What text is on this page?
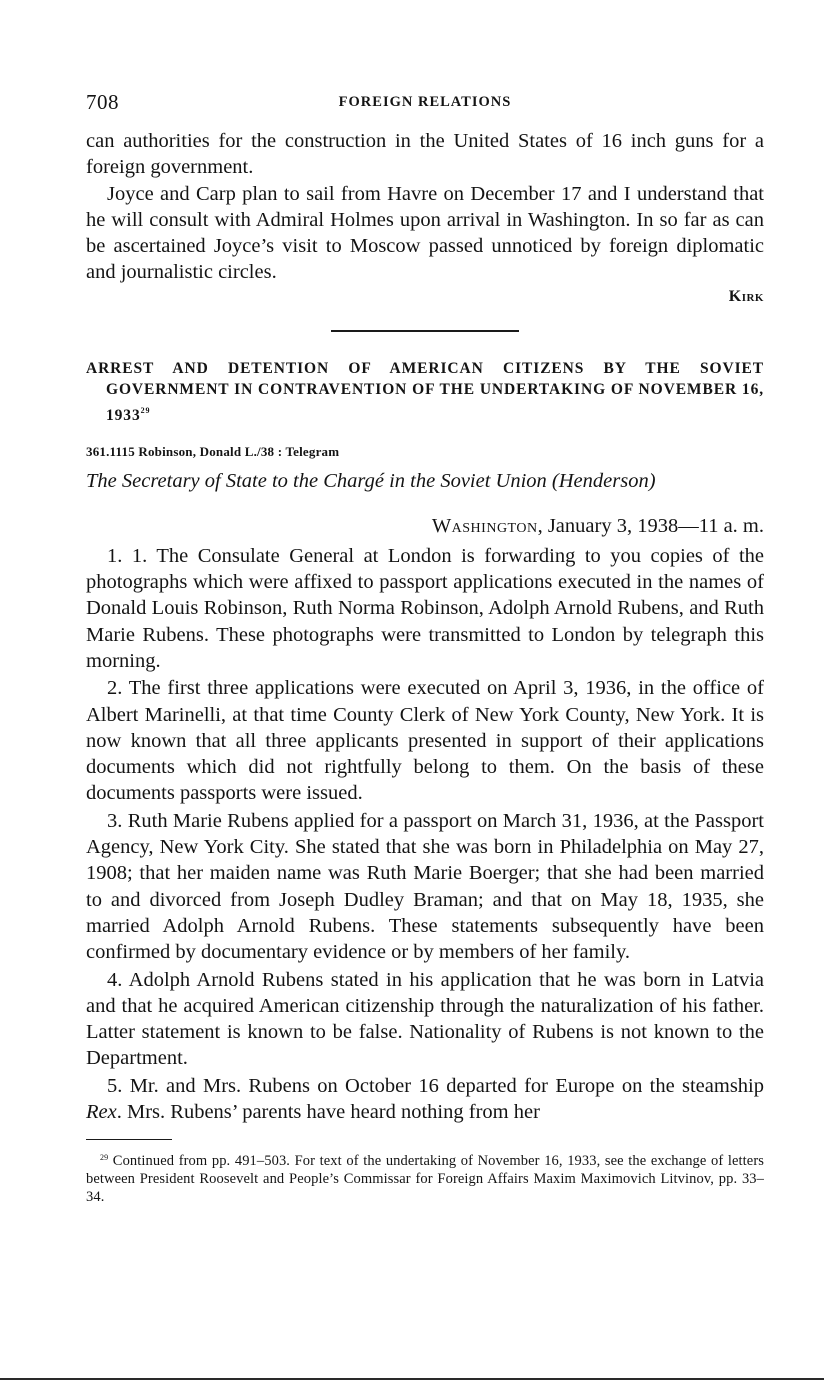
708	FOREIGN RELATIONS

can authorities for the construction in the United States of 16 inch guns for a foreign government.

Joyce and Carp plan to sail from Havre on December 17 and I understand that he will consult with Admiral Holmes upon arrival in Washington. In so far as can be ascertained Joyce’s visit to Moscow passed unnoticed by foreign diplomatic and journalistic circles.

Kirk
ARREST AND DETENTION OF AMERICAN CITIZENS BY THE SOVIET GOVERNMENT IN CONTRAVENTION OF THE UNDERTAKING OF NOVEMBER 16, 1933$^{29}$
361.1115 Robinson, Donald L./38 : Telegram
The Secretary of State to the Chargé in the Soviet Union (Henderson)
Washington, January 3, 1938—11 a. m.

1. 1. The Consulate General at London is forwarding to you copies of the photographs which were affixed to passport applications executed in the names of Donald Louis Robinson, Ruth Norma Robinson, Adolph Arnold Rubens, and Ruth Marie Rubens. These photographs were transmitted to London by telegraph this morning.

2. The first three applications were executed on April 3, 1936, in the office of Albert Marinelli, at that time County Clerk of New York County, New York. It is now known that all three applicants presented in support of their applications documents which did not rightfully belong to them. On the basis of these documents passports were issued.

3. Ruth Marie Rubens applied for a passport on March 31, 1936, at the Passport Agency, New York City. She stated that she was born in Philadelphia on May 27, 1908; that her maiden name was Ruth Marie Boerger; that she had been married to and divorced from Joseph Dudley Braman; and that on May 18, 1935, she married Adolph Arnold Rubens. These statements subsequently have been confirmed by documentary evidence or by members of her family.

4. Adolph Arnold Rubens stated in his application that he was born in Latvia and that he acquired American citizenship through the naturalization of his father. Latter statement is known to be false. Nationality of Rubens is not known to the Department.

5. Mr. and Mrs. Rubens on October 16 departed for Europe on the steamship Rex. Mrs. Rubens’ parents have heard nothing from her

$^{29}$ Continued from pp. 491–503. For text of the undertaking of November 16, 1933, see the exchange of letters between President Roosevelt and People’s Commissar for Foreign Affairs Maxim Maximovich Litvinov, pp. 33–34.
